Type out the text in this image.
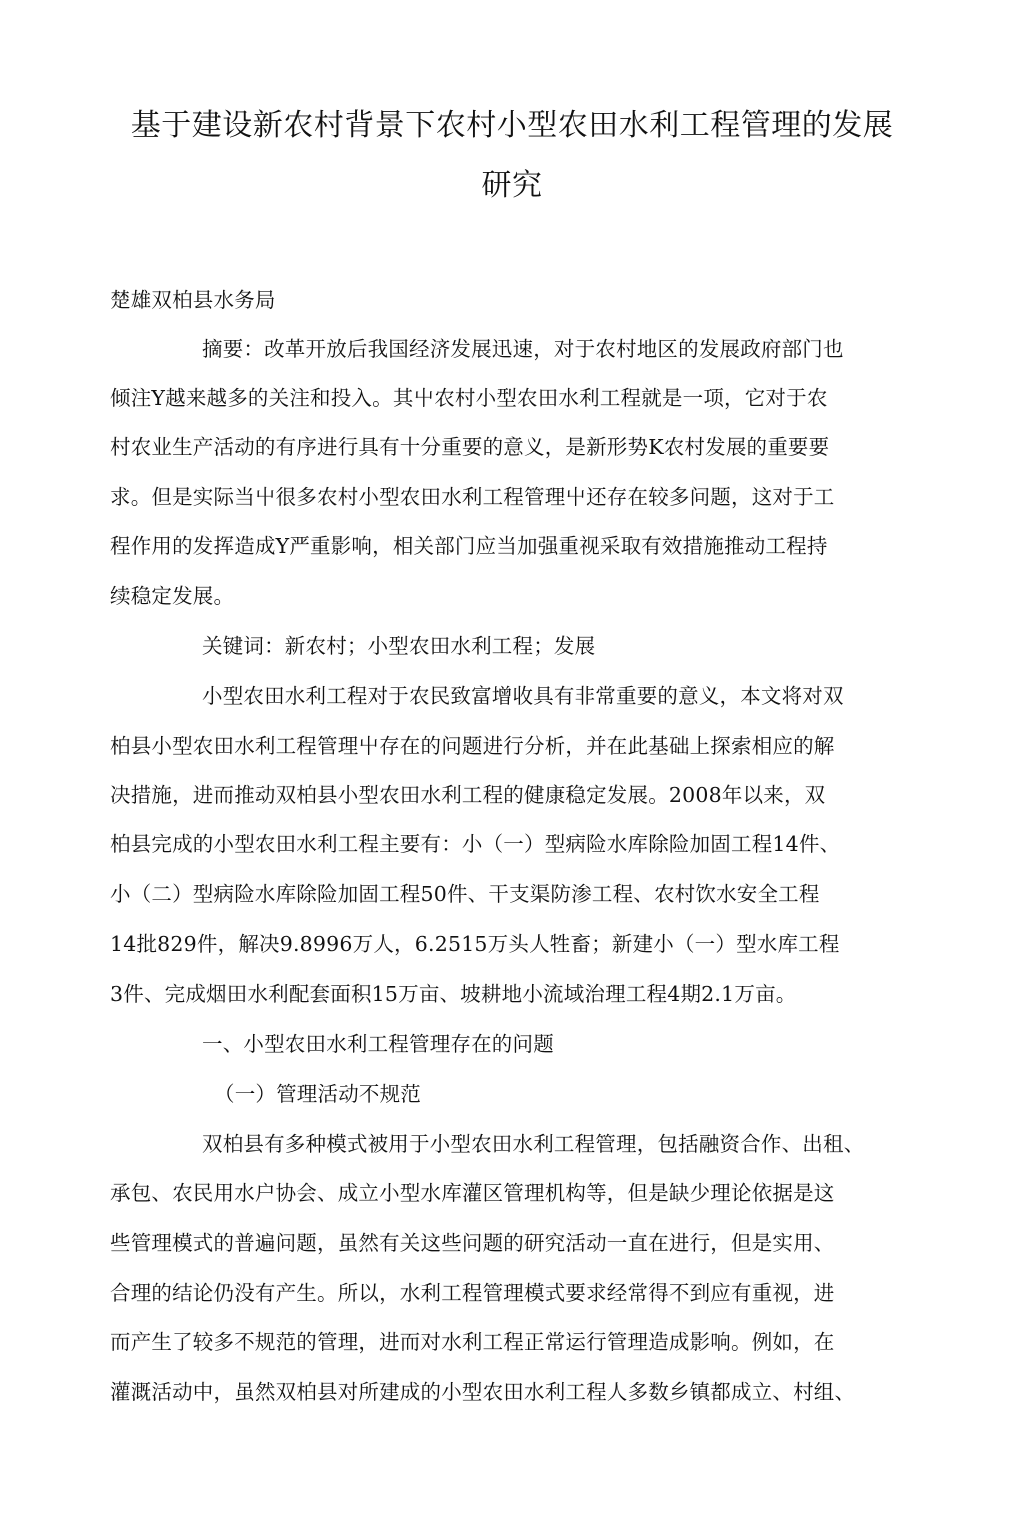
基于建设新农村背景下农村小型农田水利工程管理的发展
研究
楚雄双柏县水务局
摘要：改革开放后我国经济发展迅速，对于农村地区的发展政府部门也
倾注Y越来越多的关注和投入。其屮农村小型农田水利工程就是一项，它对于农
村农业生产活动的有序进行具有十分重要的意义，是新形势K农村发展的重要要
求。但是实际当屮很多农村小型农田水利工程管理屮还存在较多问题，这对于工
程作用的发挥造成Y严重影响，相关部门应当加强重视采取有效措施推动工程持
续稳定发展。
关键词：新农村；小型农田水利工程；发展
小型农田水利工程对于农民致富增收具有非常重要的意义，本文将对双
柏县小型农田水利工程管理屮存在的问题进行分析，并在此基础上探索相应的解
决措施，进而推动双柏县小型农田水利工程的健康稳定发展。2008年以来，双
柏县完成的小型农田水利工程主要有：小（一）型病险水库除险加固工程14件、
小（二）型病险水库除险加固工程50件、干支渠防渗工程、农村饮水安全工程
14批829件，解决9.8996万人，6.2515万头人牲畜；新建小（一）型水库工程
3件、完成烟田水利配套面积15万亩、坡耕地小流域治理工程4期2.1万亩。
一、小型农田水利工程管理存在的问题
（一）管理活动不规范
双柏县有多种模式被用于小型农田水利工程管理，包括融资合作、出租、
承包、农民用水户协会、成立小型水库灌区管理机构等，但是缺少理论依据是这
些管理模式的普遍问题，虽然有关这些问题的研究活动一直在进行，但是实用、
合理的结论仍没有产生。所以，水利工程管理模式要求经常得不到应有重视，进
而产生了较多不规范的管理，进而对水利工程正常运行管理造成影响。例如，在
灌溉活动中，虽然双柏县对所建成的小型农田水利工程人多数乡镇都成立、村组、
